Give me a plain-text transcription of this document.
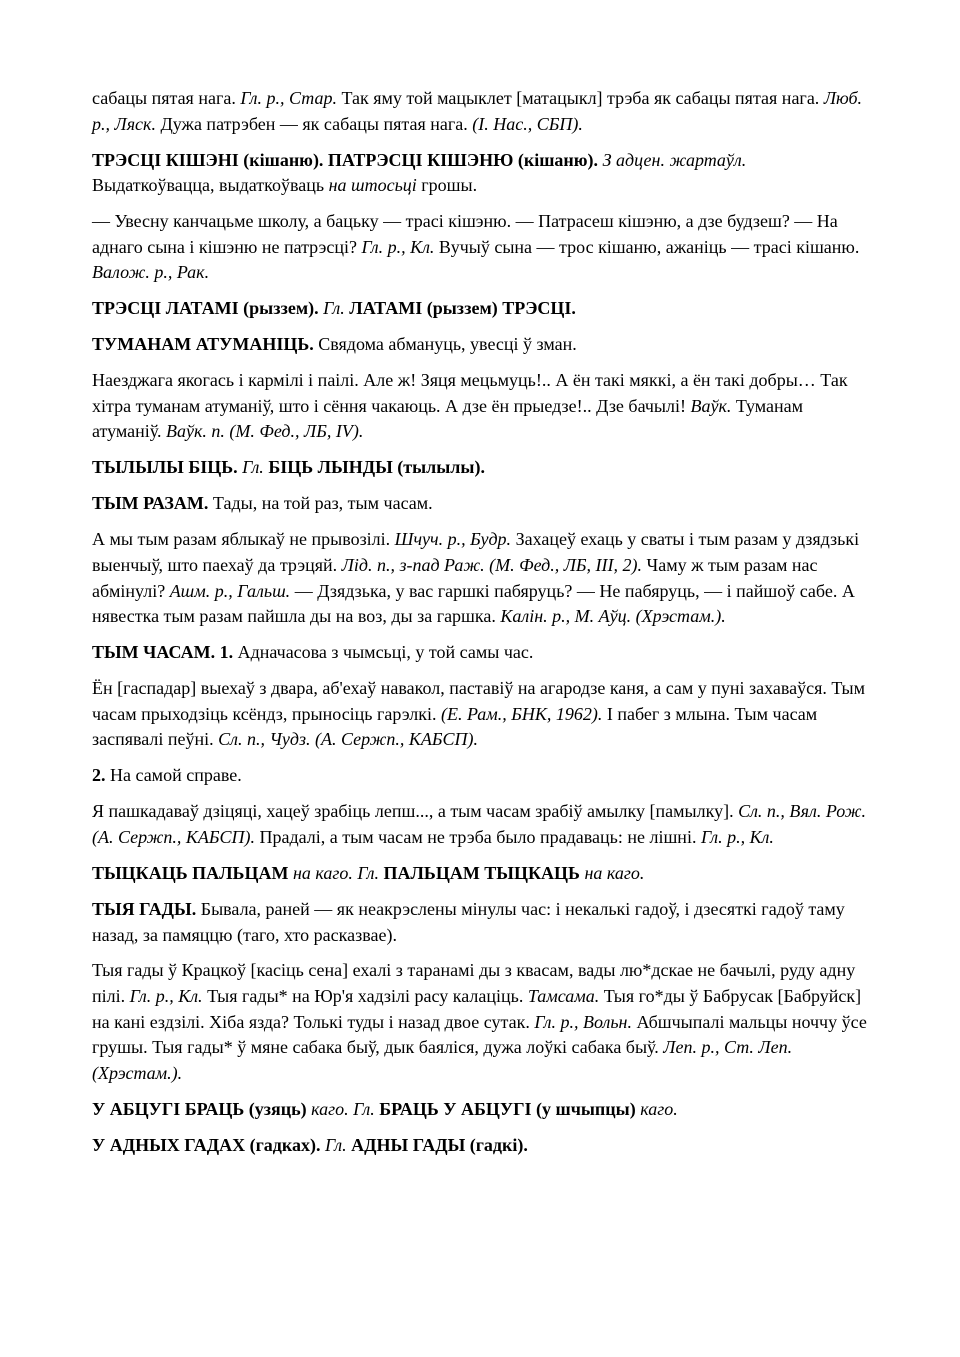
сабацы пятая нага. Гл. р., Стар. Так яму той мацыклет [матацыкл] трэба як сабацы пятая нага. Люб. р., Ляск. Дужа патрэбен — як сабацы пятая нага. (І. Нас., СБП).

ТРЭСЦІ КІШЭНІ (кішаню). ПАТРЭСЦІ КІШЭНЮ (кішаню). З адцен. жартаўл. Выдаткоўвацца, выдаткоўваць на штосьці грошы.

— Увесну канчацьме школу, а бацьку — трасі кішэню. — Патрасеш кішэню, а дзе будзеш? — На аднаго сына і кішэню не патрэсці? Гл. р., Кл. Вучыў сына — трос кішаню, ажаніць — трасі кішаню. Валож. р., Рак.

ТРЭСЦІ ЛАТАМІ (рыззем). Гл. ЛАТАМІ (рыззем) ТРЭСЦІ.

ТУМАНАМ АТУМАНІЦЬ. Свядома абмануць, увесці ў зман.

Наезджага якогась і кармілі і паілі. Але ж! Зяця мецьмуць!.. А ён такі мяккі, а ён такі добры… Так хітра туманам атуманіў, што і сёння чакаюць. А дзе ён прыедзе!.. Дзе бачылі! Ваўк. Туманам атуманіў. Ваўк. п. (М. Фед., ЛБ, IV).

ТЫЛЫЛЫ БІЦЬ. Гл. БІЦЬ ЛЫНДЫ (тылылы).

ТЫМ РАЗАМ. Тады, на той раз, тым часам.

А мы тым разам яблыкаў не прывозілі. Шчуч. р., Будр. Захацеў ехаць у сваты і тым разам у дзядзькі выенчыў, што паехаў да трэцяй. Лід. п., з-пад Раж. (М. Фед., ЛБ, III, 2). Чаму ж тым разам нас абмінулі? Ашм. р., Гальш. — Дзядзька, у вас гаршкі пабяруць? — Не пабяруць, — і пайшоў сабе. А нявестка тым разам пайшла ды на воз, ды за гаршка. Калін. р., М. Аўц. (Хрэстам.).

ТЫМ ЧАСАМ. 1. Адначасова з чымсьці, у той самы час.

Ён [гаспадар] выехаў з двара, аб'ехаў навакол, паставіў на агародзе каня, а сам у пуні захаваўся. Тым часам прыходзіць ксёндз, прыносіць гарэлкі. (Е. Рам., БНК, 1962). І пабег з млына. Тым часам заспявалі пеўні. Сл. п., Чудз. (А. Сержп., КАБСП).

2. На самой справе.

Я пашкадаваў дзіцяці, хацеў зрабіць лепш..., а тым часам зрабіў амылку [памылку]. Сл. п., Вял. Рож. (А. Сержп., КАБСП). Прадалі, а тым часам не трэба было прадаваць: не лішні. Гл. р., Кл.

ТЫЦКАЦЬ ПАЛЬЦАМ на каго. Гл. ПАЛЬЦАМ ТЫЦКАЦЬ на каго.

ТЫЯ ГАДЫ. Бывала, раней — як неакрэслены мінулы час: і некалькі гадоў, і дзесяткі гадоў таму назад, за памяццю (таго, хто расказвае).

Тыя гады ў Крацкоў [касіць сена] ехалі з таранамі ды з квасам, вады лю*дскае не бачылі, руду адну пілі. Гл. р., Кл. Тыя гады* на Юр'я хадзілі расу калаціць. Тамсама. Тыя го*ды ў Бабрусак [Бабруйск] на кані ездзілі. Хіба язда? Толькі туды і назад двое сутак. Гл. р., Вольн. Абшчыпалі мальцы ноччу ўсе грушы. Тыя гады* ў мяне сабака быў, дык баяліся, дужа лоўкі сабака быў. Леп. р., Ст. Леп. (Хрэстам.).

У АБЦУГІ БРАЦЬ (узяць) каго. Гл. БРАЦЬ У АБЦУГІ (у шчыпцы) каго.

У АДНЫХ ГАДАХ (гадках). Гл. АДНЫ ГАДЫ (гадкі).
